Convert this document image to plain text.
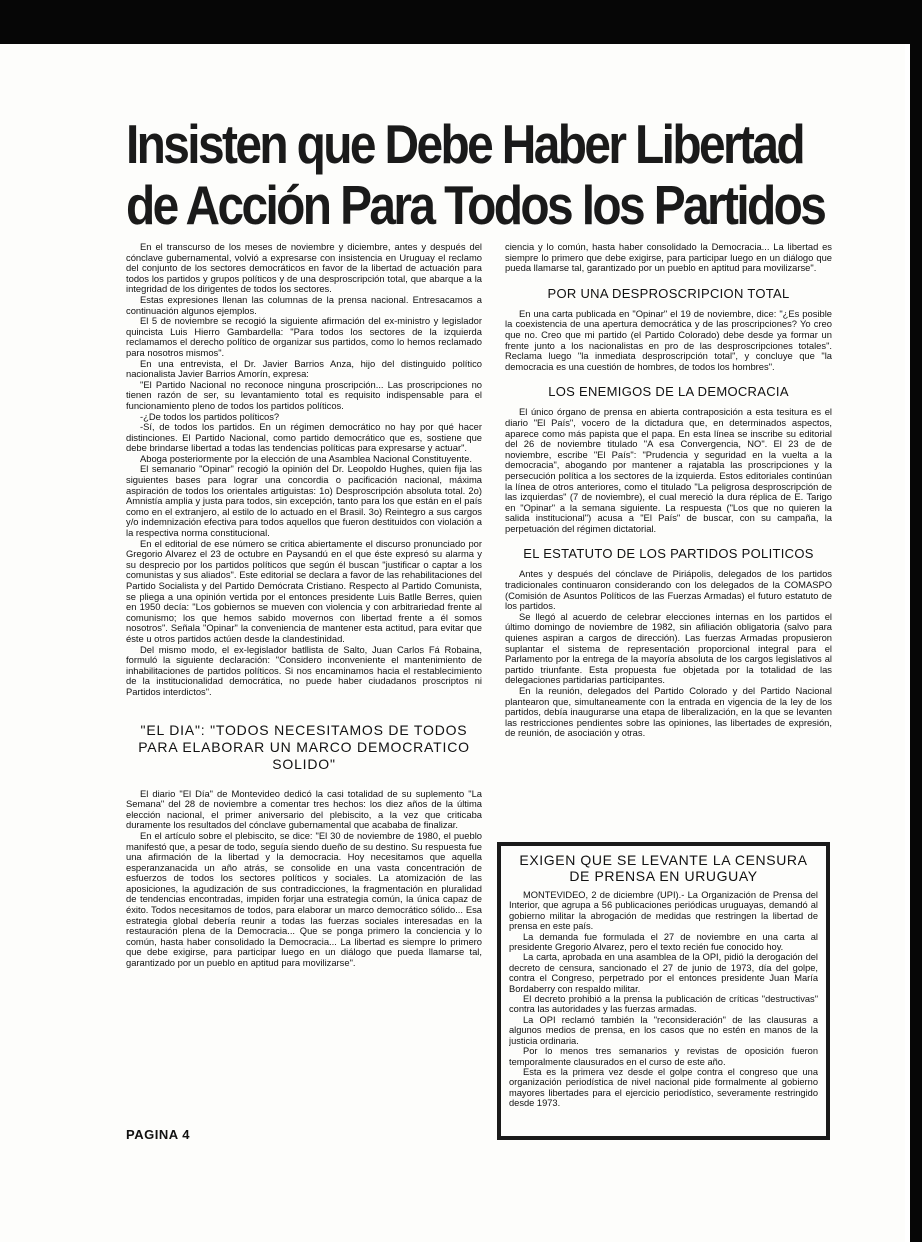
Insisten que Debe Haber Libertad
de Acción Para Todos los Partidos

En el transcurso de los meses de noviembre y diciembre, antes y después del cónclave gubernamental, volvió a expresarse con insistencia en Uruguay el reclamo del conjunto de los sectores democráticos en favor de la libertad de actuación para todos los partidos y grupos políticos y de una desproscripción total, que abarque a la integridad de los dirigentes de todos los sectores.

Estas expresiones llenan las columnas de la prensa nacional. Entresacamos a continuación algunos ejemplos.

El 5 de noviembre se recogió la siguiente afirmación del ex-ministro y legislador quincista Luis Hierro Gambardella: "Para todos los sectores de la izquierda reclamamos el derecho político de organizar sus partidos, como lo hemos reclamado para nosotros mismos".

En una entrevista, el Dr. Javier Barrios Anza, hijo del distinguido político nacionalista Javier Barrios Amorín, expresa:

"El Partido Nacional no reconoce ninguna proscripción... Las proscripciones no tienen razón de ser, su levantamiento total es requisito indispensable para el funcionamiento pleno de todos los partidos políticos.

-¿De todos los partidos políticos?

-Sí, de todos los partidos. En un régimen democrático no hay por qué hacer distinciones. El Partido Nacional, como partido democrático que es, sostiene que debe brindarse libertad a todas las tendencias políticas para expresarse y actuar".

Aboga posteriormente por la elección de una Asamblea Nacional Constituyente.

El semanario "Opinar" recogió la opinión del Dr. Leopoldo Hughes, quien fija las siguientes bases para lograr una concordia o pacificación nacional, máxima aspiración de todos los orientales artiguistas: 1o) Desproscripción absoluta total. 2o) Amnistía amplia y justa para todos, sin excepción, tanto para los que están en el país como en el extranjero, al estilo de lo actuado en el Brasil. 3o) Reintegro a sus cargos y/o indemnización efectiva para todos aquellos que fueron destituidos con violación a la respectiva norma constitucional.

En el editorial de ese número se critica abiertamente el discurso pronunciado por Gregorio Alvarez el 23 de octubre en Paysandú en el que éste expresó su alarma y su desprecio por los partidos políticos que según él buscan "justificar o captar a los comunistas y sus aliados". Este editorial se declara a favor de las rehabilitaciones del Partido Socialista y del Partido Demócrata Cristiano. Respecto al Partido Comunista, se pliega a una opinión vertida por el entonces presidente Luis Batlle Berres, quien en 1950 decía: "Los gobiernos se mueven con violencia y con arbitrariedad frente al comunismo; los que hemos sabido movernos con libertad frente a él somos nosotros". Señala "Opinar" la conveniencia de mantener esta actitud, para evitar que éste u otros partidos actúen desde la clandestinidad.

Del mismo modo, el ex-legislador batllista de Salto, Juan Carlos Fá Robaina, formuló la siguiente declaración: "Considero inconveniente el mantenimiento de inhabilitaciones de partidos políticos. Si nos encaminamos hacia el restablecimiento de la institucionalidad democrática, no puede haber ciudadanos proscriptos ni Partidos interdictos".

"EL DIA": "TODOS NECESITAMOS DE TODOS PARA ELABORAR UN MARCO DEMOCRATICO SOLIDO"

El diario "El Día" de Montevideo dedicó la casi totalidad de su suplemento "La Semana" del 28 de noviembre a comentar tres hechos: los diez años de la última elección nacional, el primer aniversario del plebiscito, a la vez que criticaba duramente los resultados del cónclave gubernamental que acababa de finalizar.

En el artículo sobre el plebiscito, se dice: "El 30 de noviembre de 1980, el pueblo manifestó que, a pesar de todo, seguía siendo dueño de su destino. Su respuesta fue una afirmación de la libertad y la democracia. Hoy necesitamos que aquella esperanzanacida un año atrás, se consolide en una vasta concentración de esfuerzos de todos los sectores políticos y sociales. La atomización de las aposiciones, la agudización de sus contradicciones, la fragmentación en pluralidad de tendencias encontradas, impiden forjar una estrategia común, la única capaz de éxito. Todos necesitamos de todos, para elaborar un marco democrático sólido... Esa estrategia global debería reunir a todas las fuerzas sociales interesadas en la restauración plena de la Democracia... Que se ponga primero la conciencia y lo común, hasta haber consolidado la Democracia... La libertad es siempre lo primero que debe exigirse, para participar luego en un diálogo que pueda llamarse tal, garantizado por un pueblo en aptitud para movilizarse".

ciencia y lo común, hasta haber consolidado la Democracia... La libertad es siempre lo primero que debe exigirse, para participar luego en un diálogo que pueda llamarse tal, garantizado por un pueblo en aptitud para movilizarse".

POR UNA DESPROSCRIPCION TOTAL

En una carta publicada en "Opinar" el 19 de noviembre, dice: "¿Es posible la coexistencia de una apertura democrática y de las proscripciones? Yo creo que no. Creo que mi partido (el Partido Colorado) debe desde ya formar un frente junto a los nacionalistas en pro de las desproscripciones totales". Reclama luego "la inmediata desproscripción total", y concluye que "la democracia es una cuestión de hombres, de todos los hombres".

LOS ENEMIGOS DE LA DEMOCRACIA

El único órgano de prensa en abierta contraposición a esta tesitura es el diario "El País", vocero de la dictadura que, en determinados aspectos, aparece como más papista que el papa. En esta línea se inscribe su editorial del 26 de noviembre titulado "A esa Convergencia, NO". El 23 de de noviembre, escribe "El País": "Prudencia y seguridad en la vuelta a la democracia", abogando por mantener a rajatabla las proscripciones y la persecución política a los sectores de la izquierda. Estos editoriales continúan la línea de otros anteriores, como el titulado "La peligrosa desproscripción de las izquierdas" (7 de noviembre), el cual mereció la dura réplica de E. Tarigo en "Opinar" a la semana siguiente. La respuesta ("Los que no quieren la salida institucional") acusa a "El País" de buscar, con su campaña, la perpetuación del régimen dictatorial.

EL ESTATUTO DE LOS PARTIDOS POLITICOS

Antes y después del cónclave de Piriápolis, delegados de los partidos tradicionales continuaron considerando con los delegados de la COMASPO (Comisión de Asuntos Políticos de las Fuerzas Armadas) el futuro estatuto de los partidos.

Se llegó al acuerdo de celebrar elecciones internas en los partidos el último domingo de noviembre de 1982, sin afiliación obligatoria (salvo para quienes aspiran a cargos de dirección). Las fuerzas Armadas propusieron suplantar el sistema de representación proporcional integral para el Parlamento por la entrega de la mayoría absoluta de los cargos legislativos al partido triunfante. Esta propuesta fue objetada por la totalidad de las delegaciones partidarias participantes.

En la reunión, delegados del Partido Colorado y del Partido Nacional plantearon que, simultaneamente con la entrada en vigencia de la ley de los partidos, debía inaugurarse una etapa de liberalización, en la que se levanten las restricciones pendientes sobre las opiniones, las libertades de expresión, de reunión, de asociación y otras.

EXIGEN QUE SE LEVANTE LA CENSURA DE PRENSA EN URUGUAY

MONTEVIDEO, 2 de diciembre (UPI).- La Organización de Prensa del Interior, que agrupa a 56 publicaciones periódicas uruguayas, demandó al gobierno militar la abrogación de medidas que restringen la libertad de prensa en este país.

La demanda fue formulada el 27 de noviembre en una carta al presidente Gregorio Alvarez, pero el texto recién fue conocido hoy.

La carta, aprobada en una asamblea de la OPI, pidió la derogación del decreto de censura, sancionado el 27 de junio de 1973, día del golpe, contra el Congreso, perpetrado por el entonces presidente Juan María Bordaberry con respaldo militar.

El decreto prohibió a la prensa la publicación de críticas "destructivas" contra las autoridades y las fuerzas armadas.

La OPI reclamó también la "reconsideración" de las clausuras a algunos medios de prensa, en los casos que no estén en manos de la justicia ordinaria.

Por lo menos tres semanarios y revistas de oposición fueron temporalmente clausurados en el curso de este año.

Esta es la primera vez desde el golpe contra el congreso que una organización periodística de nivel nacional pide formalmente al gobierno mayores libertades para el ejercicio periodístico, severamente restringido desde 1973.

PAGINA 4
